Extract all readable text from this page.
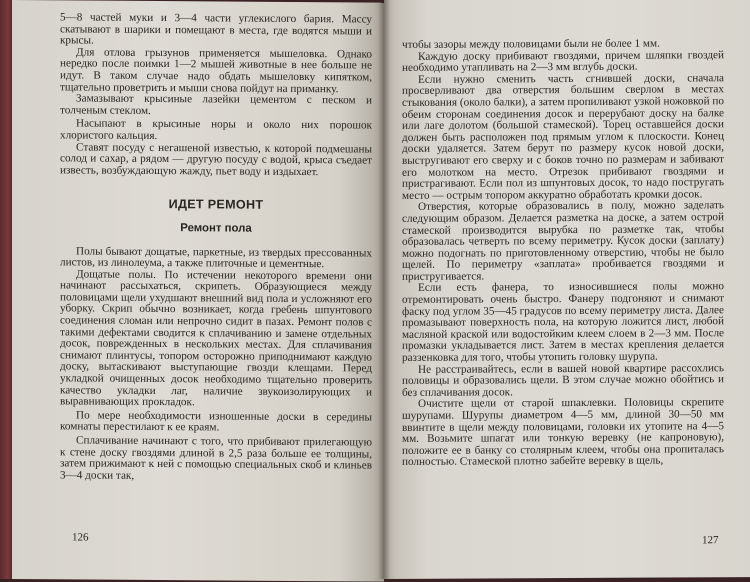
5—8 частей муки и 3—4 части углекислого бария. Массу скатывают в шарики и помещают в места, где водятся мыши и крысы.

Для отлова грызунов применяется мышеловка. Однако нередко после поимки 1—2 мышей животные в нее больше не идут. В таком случае надо обдать мышеловку кипятком, тщательно проветрить и мыши снова пойдут на приманку.

Замазывают крысиные лазейки цементом с песком и толченым стеклом.

Насыпают в крысиные норы и около них порошок хлористого кальция.

Ставят посуду с негашеной известью, к которой подмешаны солод и сахар, а рядом — другую посуду с водой, крыса съедает известь, возбуждающую жажду, пьет воду и издыхает.

ИДЕТ РЕМОНТ
Ремонт пола

Полы бывают дощатые, паркетные, из твердых прессованных листов, из линолеума, а также плиточные и цементные.

Дощатые полы. По истечении некоторого времени они начинают рассыхаться, скрипеть. Образующиеся между половицами щели ухудшают внешний вид пола и усложняют его уборку. Скрип обычно возникает, когда гребень шпунтового соединения сломан или непрочно сидит в пазах. Ремонт полов с такими дефектами сводится к сплачиванию и замене отдельных досок, поврежденных в нескольких местах. Для сплачивания снимают плинтусы, топором осторожно приподнимают каждую доску, вытаскивают выступающие гвозди клещами. Перед укладкой очищенных досок необходимо тщательно проверить качество укладки лаг, наличие звукоизолирующих и выравнивающих прокладок.

По мере необходимости изношенные доски в середины комнаты перестилают к ее краям.

Сплачивание начинают с того, что прибивают прилегающую к стене доску гвоздями длиной в 2,5 раза больше ее толщины, затем прижимают к ней с помощью специальных скоб и клиньев 3—4 доски так,

126

чтобы зазоры между половицами были не более 1 мм.

Каждую доску прибивают гвоздями, причем шляпки гвоздей необходимо утапливать на 2—3 мм вглубь доски.

Если нужно сменить часть сгнившей доски, сначала просверливают два отверстия большим сверлом в местах стыкования (около балки), а затем пропиливают узкой ножовкой по обеим сторонам соединения досок и перерубают доску на балке или лаге долотом (большой стамеской). Торец оставшейся доски должен быть расположен под прямым углом к плоскости. Конец доски удаляется. Затем берут по размеру кусок новой доски, выстругивают его сверху и с боков точно по размерам и забивают его молотком на место. Отрезок прибивают гвоздями и пристрагивают. Если пол из шпунтовых досок, то надо постругать место — острым топором аккуратно обработать кромки досок.

Отверстия, которые образовались в полу, можно заделать следующим образом. Делается разметка на доске, а затем острой стамеской производится вырубка по разметке так, чтобы образовалась четверть по всему периметру. Кусок доски (заплату) можно подогнать по приготовленному отверстию, чтобы не было щелей. По периметру «заплата» пробивается гвоздями и пристругивается.

Если есть фанера, то износившиеся полы можно отремонтировать очень быстро. Фанеру подгоняют и снимают фаску под углом 35—45 градусов по всему периметру листа. Далее промазывают поверхность пола, на которую ложится лист, любой масляной краской или водостойким клеем слоем в 2—3 мм. После промазки укладывается лист. Затем в местах крепления делается раззенковка для того, чтобы утопить головку шурупа.

Не расстраивайтесь, если в вашей новой квартире рассохлись половицы и образовались щели. В этом случае можно обойтись и без сплачивания досок.

Очистите щели от старой шпаклевки. Половицы скрепите шурупами. Шурупы диаметром 4—5 мм, длиной 30—50 мм ввинтите в щели между половицами, головки их утопите на 4—5 мм. Возьмите шпагат или тонкую веревку (не капроновую), положите ее в банку со столярным клеем, чтобы она пропиталась полностью. Стамеской плотно забейте веревку в щель,

127
